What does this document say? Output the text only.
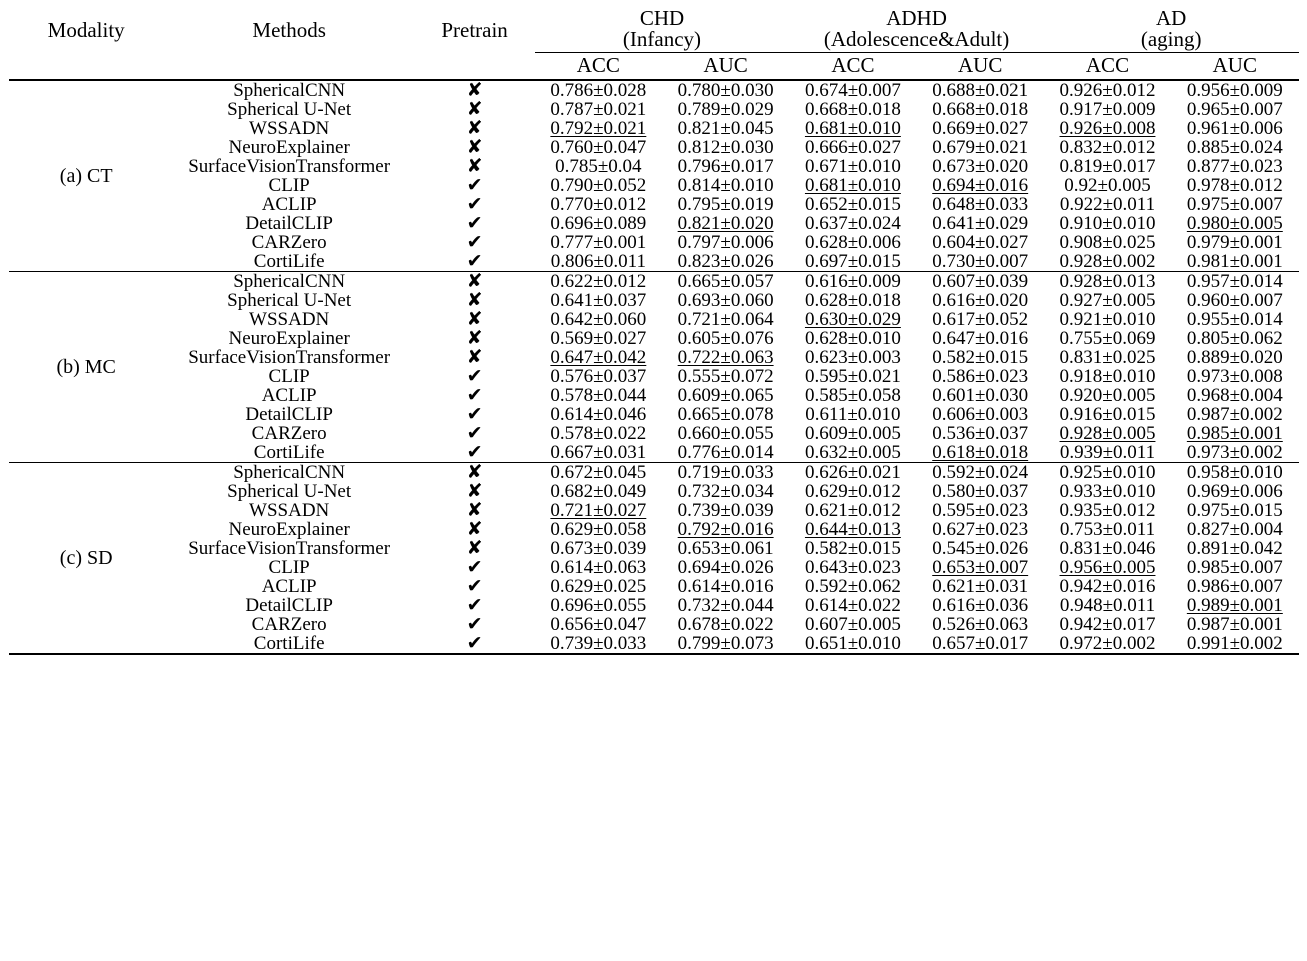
Modality	Methods	Pretrain	CHD		ADHD		AD	
			(Infancy)		(Adolescence&Adult)		(aging)	
			ACC	AUC	ACC	AUC	ACC	AUC
(a) CT	SphericalCNN	✘	0.786±0.028	0.780±0.030	0.674±0.007	0.688±0.021	0.926±0.012	0.956±0.009
	Spherical U-Net	✘	0.787±0.021	0.789±0.029	0.668±0.018	0.668±0.018	0.917±0.009	0.965±0.007
	WSSADN	✘	0.792±0.021	0.821±0.045	0.681±0.010	0.669±0.027	0.926±0.008	0.961±0.006
	NeuroExplainer	✘	0.760±0.047	0.812±0.030	0.666±0.027	0.679±0.021	0.832±0.012	0.885±0.024
	SurfaceVisionTransformer	✘	0.785±0.04	0.796±0.017	0.671±0.010	0.673±0.020	0.819±0.017	0.877±0.023
	CLIP	✔	0.790±0.052	0.814±0.010	0.681±0.010	0.694±0.016	0.92±0.005	0.978±0.012
	ACLIP	✔	0.770±0.012	0.795±0.019	0.652±0.015	0.648±0.033	0.922±0.011	0.975±0.007
	DetailCLIP	✔	0.696±0.089	0.821±0.020	0.637±0.024	0.641±0.029	0.910±0.010	0.980±0.005
	CARZero	✔	0.777±0.001	0.797±0.006	0.628±0.006	0.604±0.027	0.908±0.025	0.979±0.001
	CortiLife	✔	0.806±0.011	0.823±0.026	0.697±0.015	0.730±0.007	0.928±0.002	0.981±0.001
(b) MC	SphericalCNN	✘	0.622±0.012	0.665±0.057	0.616±0.009	0.607±0.039	0.928±0.013	0.957±0.014
	Spherical U-Net	✘	0.641±0.037	0.693±0.060	0.628±0.018	0.616±0.020	0.927±0.005	0.960±0.007
	WSSADN	✘	0.642±0.060	0.721±0.064	0.630±0.029	0.617±0.052	0.921±0.010	0.955±0.014
	NeuroExplainer	✘	0.569±0.027	0.605±0.076	0.628±0.010	0.647±0.016	0.755±0.069	0.805±0.062
	SurfaceVisionTransformer	✘	0.647±0.042	0.722±0.063	0.623±0.003	0.582±0.015	0.831±0.025	0.889±0.020
	CLIP	✔	0.576±0.037	0.555±0.072	0.595±0.021	0.586±0.023	0.918±0.010	0.973±0.008
	ACLIP	✔	0.578±0.044	0.609±0.065	0.585±0.058	0.601±0.030	0.920±0.005	0.968±0.004
	DetailCLIP	✔	0.614±0.046	0.665±0.078	0.611±0.010	0.606±0.003	0.916±0.015	0.987±0.002
	CARZero	✔	0.578±0.022	0.660±0.055	0.609±0.005	0.536±0.037	0.928±0.005	0.985±0.001
	CortiLife	✔	0.667±0.031	0.776±0.014	0.632±0.005	0.618±0.018	0.939±0.011	0.973±0.002
(c) SD	SphericalCNN	✘	0.672±0.045	0.719±0.033	0.626±0.021	0.592±0.024	0.925±0.010	0.958±0.010
	Spherical U-Net	✘	0.682±0.049	0.732±0.034	0.629±0.012	0.580±0.037	0.933±0.010	0.969±0.006
	WSSADN	✘	0.721±0.027	0.739±0.039	0.621±0.012	0.595±0.023	0.935±0.012	0.975±0.015
	NeuroExplainer	✘	0.629±0.058	0.792±0.016	0.644±0.013	0.627±0.023	0.753±0.011	0.827±0.004
	SurfaceVisionTransformer	✘	0.673±0.039	0.653±0.061	0.582±0.015	0.545±0.026	0.831±0.046	0.891±0.042
	CLIP	✔	0.614±0.063	0.694±0.026	0.643±0.023	0.653±0.007	0.956±0.005	0.985±0.007
	ACLIP	✔	0.629±0.025	0.614±0.016	0.592±0.062	0.621±0.031	0.942±0.016	0.986±0.007
	DetailCLIP	✔	0.696±0.055	0.732±0.044	0.614±0.022	0.616±0.036	0.948±0.011	0.989±0.001
	CARZero	✔	0.656±0.047	0.678±0.022	0.607±0.005	0.526±0.063	0.942±0.017	0.987±0.001
	CortiLife	✔	0.739±0.033	0.799±0.073	0.651±0.010	0.657±0.017	0.972±0.002	0.991±0.002
